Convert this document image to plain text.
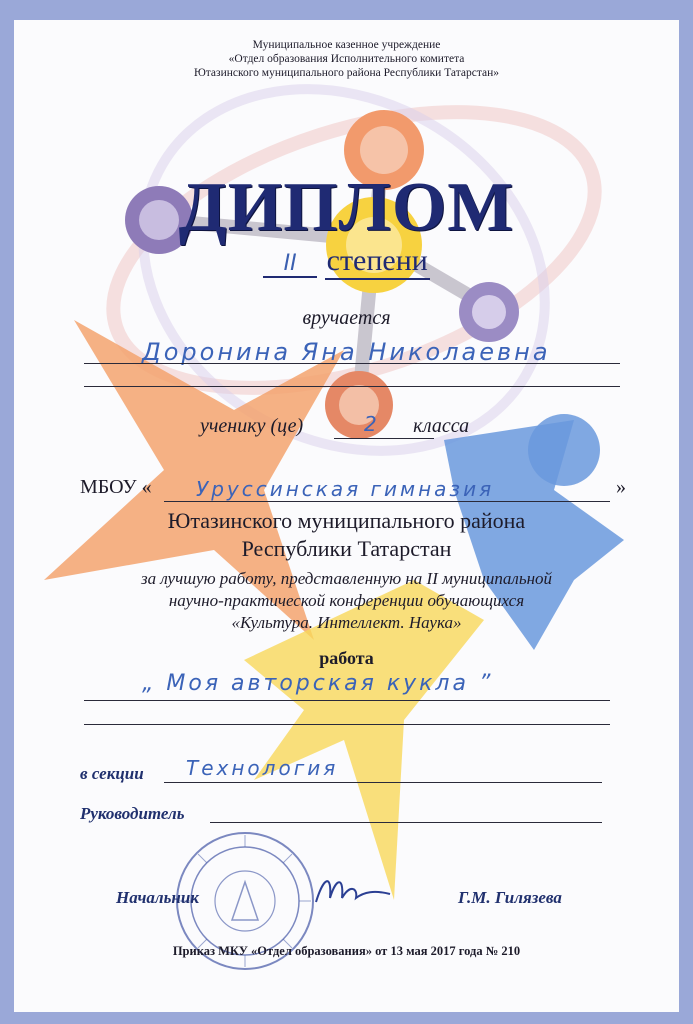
Муниципальное казенное учреждение
«Отдел образования Исполнительного комитета
Ютазинского муниципального района Республики Татарстан»
ДИПЛОМ
II степени
вручается
Доронина Яна Николаевна
ученику (це)	класса
2
МБОУ « Уруссинская гимназия	»
Ютазинского муниципального района
Республики Татарстан
за лучшую работу, представленную на II муниципальной
научно-практической конференции обучающихся
«Культура. Интеллект. Наука»
работа
„ Моя авторская кукла ”
в секции Технология
Руководитель
Начальник	Г.М. Гилязева
Приказ МКУ «Отдел образования» от 13 мая 2017 года № 210
